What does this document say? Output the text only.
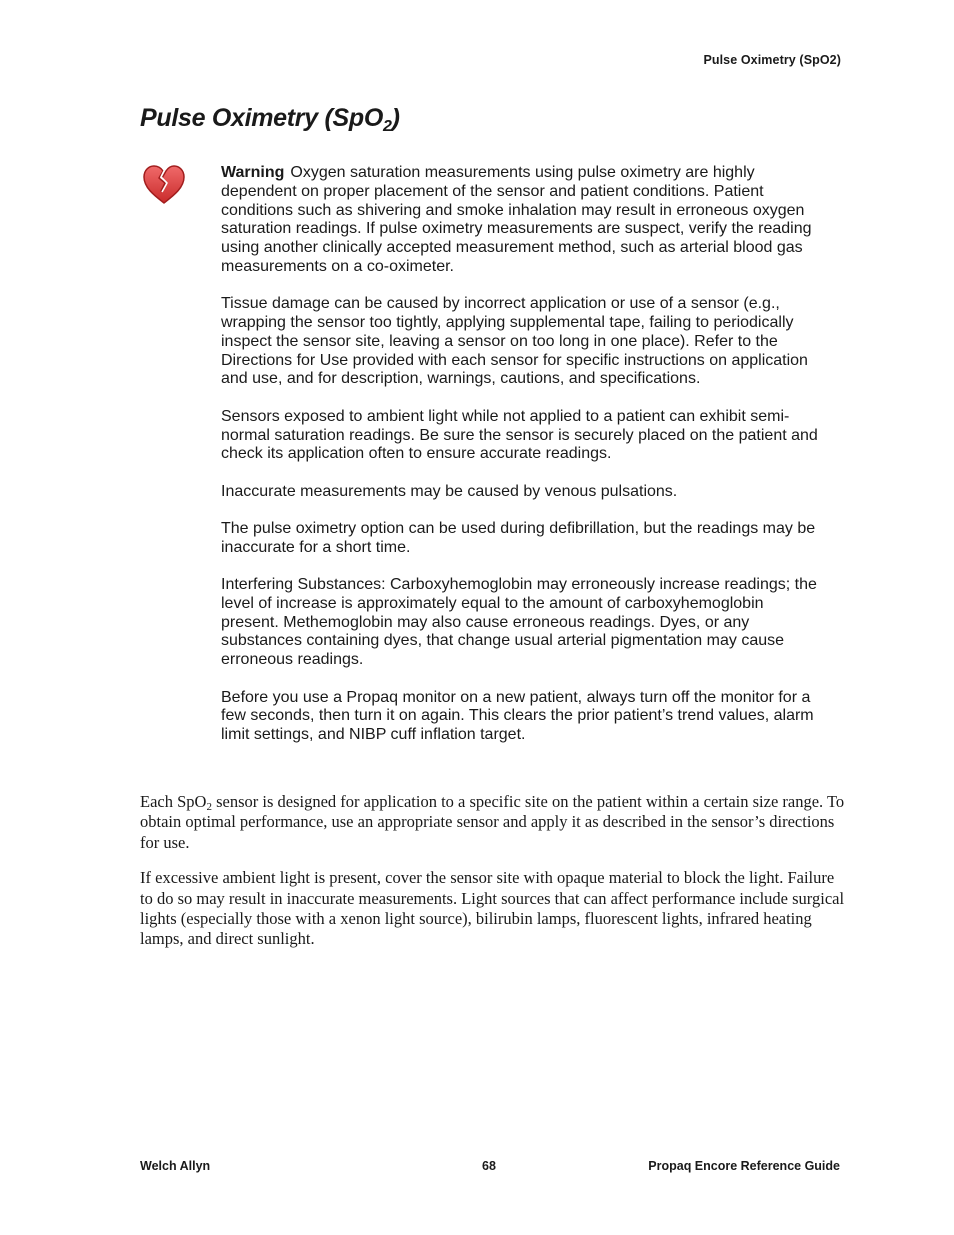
Pulse Oximetry (SpO2)
Pulse Oximetry (SpO$_2$)

Warning Oxygen saturation measurements using pulse oximetry are highly dependent on proper placement of the sensor and patient conditions. Patient conditions such as shivering and smoke inhalation may result in erroneous oxygen saturation readings. If pulse oximetry measurements are suspect, verify the reading using another clinically accepted measurement method, such as arterial blood gas measurements on a co-oximeter.

Tissue damage can be caused by incorrect application or use of a sensor (e.g., wrapping the sensor too tightly, applying supplemental tape, failing to periodically inspect the sensor site, leaving a sensor on too long in one place). Refer to the Directions for Use provided with each sensor for specific instructions on application and use, and for description, warnings, cautions, and specifications.

Sensors exposed to ambient light while not applied to a patient can exhibit semi-normal saturation readings. Be sure the sensor is securely placed on the patient and check its application often to ensure accurate readings.

Inaccurate measurements may be caused by venous pulsations.

The pulse oximetry option can be used during defibrillation, but the readings may be inaccurate for a short time.

Interfering Substances: Carboxyhemoglobin may erroneously increase readings; the level of increase is approximately equal to the amount of carboxyhemoglobin present. Methemoglobin may also cause erroneous readings. Dyes, or any substances containing dyes, that change usual arterial pigmentation may cause erroneous readings.

Before you use a Propaq monitor on a new patient, always turn off the monitor for a few seconds, then turn it on again. This clears the prior patient’s trend values, alarm limit settings, and NIBP cuff inflation target.

Each SpO$_2$ sensor is designed for application to a specific site on the patient within a certain size range. To obtain optimal performance, use an appropriate sensor and apply it as described in the sensor’s directions for use.

If excessive ambient light is present, cover the sensor site with opaque material to block the light. Failure to do so may result in inaccurate measurements. Light sources that can affect performance include surgical lights (especially those with a xenon light source), bilirubin lamps, fluorescent lights, infrared heating lamps, and direct sunlight.

Welch Allyn	68	Propaq Encore Reference Guide
